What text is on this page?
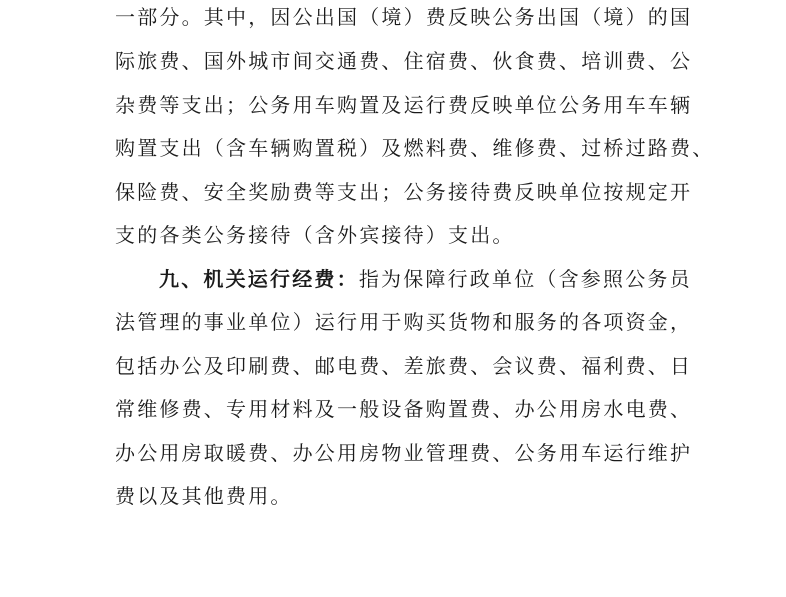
一部分。其中，因公出国（境）费反映公务出国（境）的国
际旅费、国外城市间交通费、住宿费、伙食费、培训费、公
杂费等支出；公务用车购置及运行费反映单位公务用车车辆
购置支出（含车辆购置税）及燃料费、维修费、过桥过路费、
保险费、安全奖励费等支出；公务接待费反映单位按规定开
支的各类公务接待（含外宾接待）支出。
九、机关运行经费：指为保障行政单位（含参照公务员
法管理的事业单位）运行用于购买货物和服务的各项资金，
包括办公及印刷费、邮电费、差旅费、会议费、福利费、日
常维修费、专用材料及一般设备购置费、办公用房水电费、
办公用房取暖费、办公用房物业管理费、公务用车运行维护
费以及其他费用。
